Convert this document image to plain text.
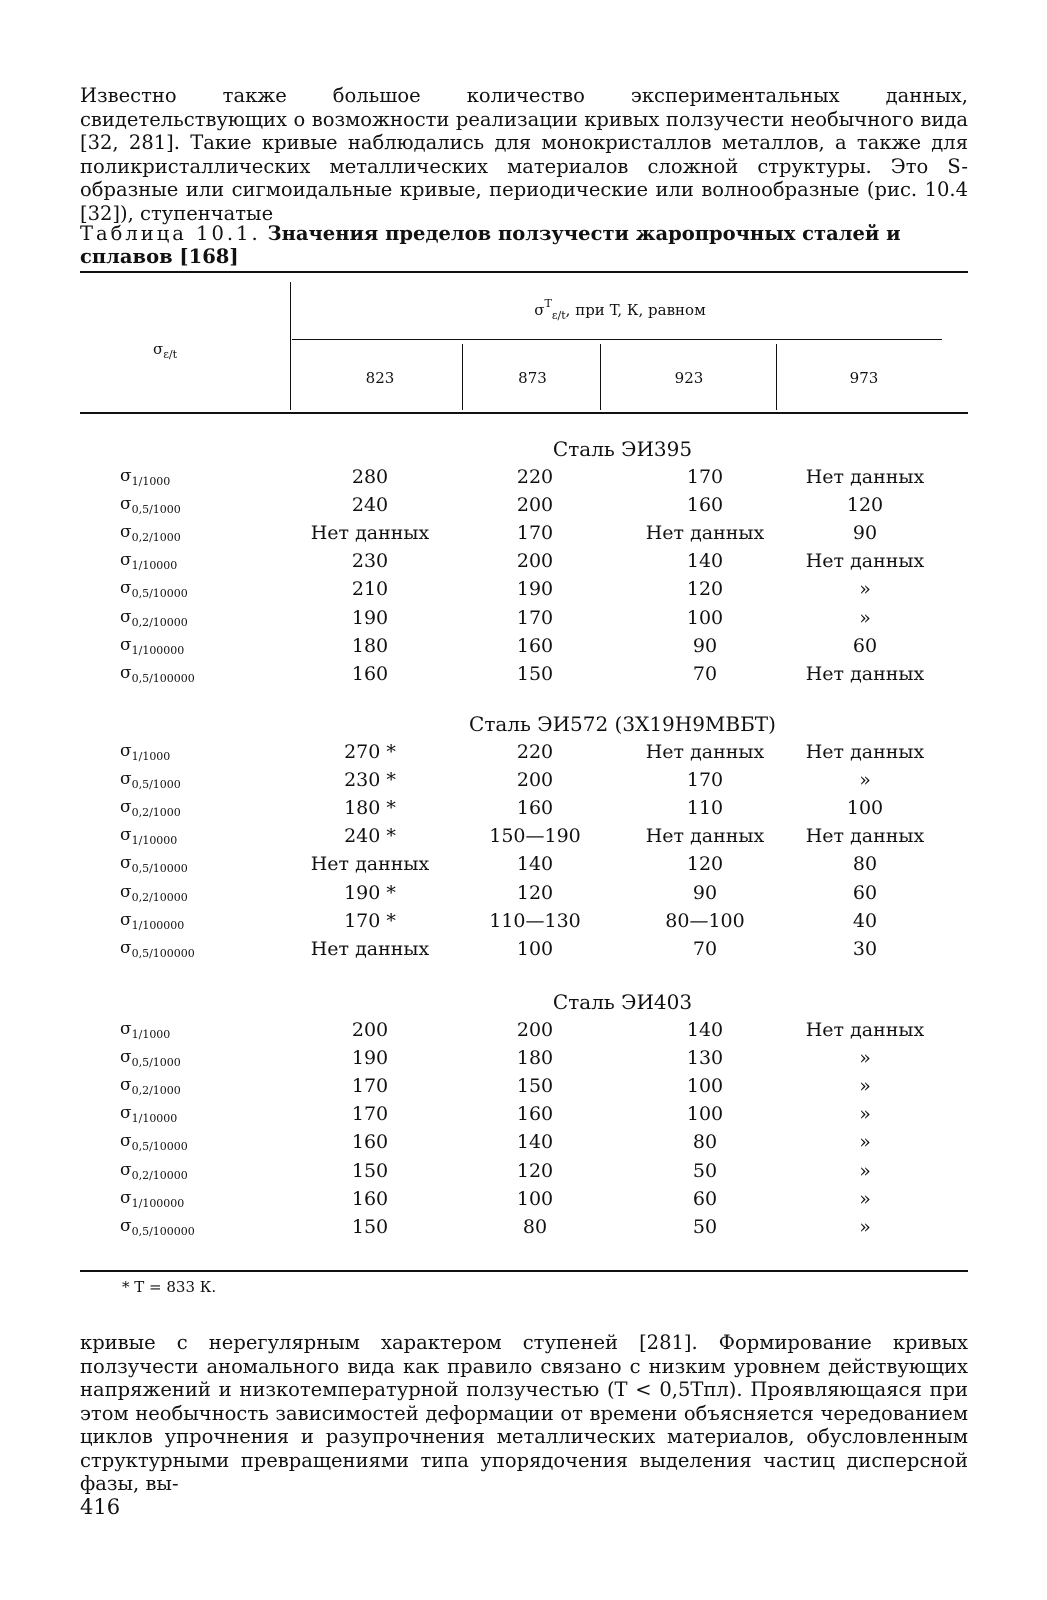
Известно также большое количество экспериментальных данных, свидетельствующих о возможности реализации кривых ползучести необычного вида [32, 281]. Такие кривые наблюдались для монокристаллов металлов, а также для поликристаллических металлических материалов сложной структуры. Это S-образные или сигмоидальные кривые, периодические или волнообразные (рис. 10.4 [32]), ступенчатые

Таблица 10.1. Значения пределов ползучести жаропрочных сталей и сплавов [168]
$\sigma_{\varepsilon/t}$
$\sigma^T_{\varepsilon/t}$, при T, К, равном
823	873	923	973
Сталь ЭИ395
$\sigma_{1/1000}$	280	220	170	Нет данных
$\sigma_{0,5/1000}$	240	200	160	120
$\sigma_{0,2/1000}$	Нет данных	170	Нет данных	90
$\sigma_{1/10000}$	230	200	140	Нет данных
$\sigma_{0,5/10000}$	210	190	120	»
$\sigma_{0,2/10000}$	190	170	100	»
$\sigma_{1/100000}$	180	160	90	60
$\sigma_{0,5/100000}$	160	150	70	Нет данных
Сталь ЭИ572 (3Х19Н9МВБТ)
$\sigma_{1/1000}$	270 *	220	Нет данных	Нет данных
$\sigma_{0,5/1000}$	230 *	200	170	»
$\sigma_{0,2/1000}$	180 *	160	110	100
$\sigma_{1/10000}$	240 *	150—190	Нет данных	Нет данных
$\sigma_{0,5/10000}$	Нет данных	140	120	80
$\sigma_{0,2/10000}$	190 *	120	90	60
$\sigma_{1/100000}$	170 *	110—130	80—100	40
$\sigma_{0,5/100000}$	Нет данных	100	70	30
Сталь ЭИ403
$\sigma_{1/1000}$	200	200	140	Нет данных
$\sigma_{0,5/1000}$	190	180	130	»
$\sigma_{0,2/1000}$	170	150	100	»
$\sigma_{1/10000}$	170	160	100	»
$\sigma_{0,5/10000}$	160	140	80	»
$\sigma_{0,2/10000}$	150	120	50	»
$\sigma_{1/100000}$	160	100	60	»
$\sigma_{0,5/100000}$	150	80	50	»
* T = 833 К.

кривые с нерегулярным характером ступеней [281]. Формирование кривых ползучести аномального вида как правило связано с низким уровнем действующих напряжений и низкотемпературной ползучестью (T < 0,5Tпл). Проявляющаяся при этом необычность зависимостей деформации от времени объясняется чередованием циклов упрочнения и разупрочнения металлических материалов, обусловленным структурными превращениями типа упорядочения выделения частиц дисперсной фазы, вы-

416
